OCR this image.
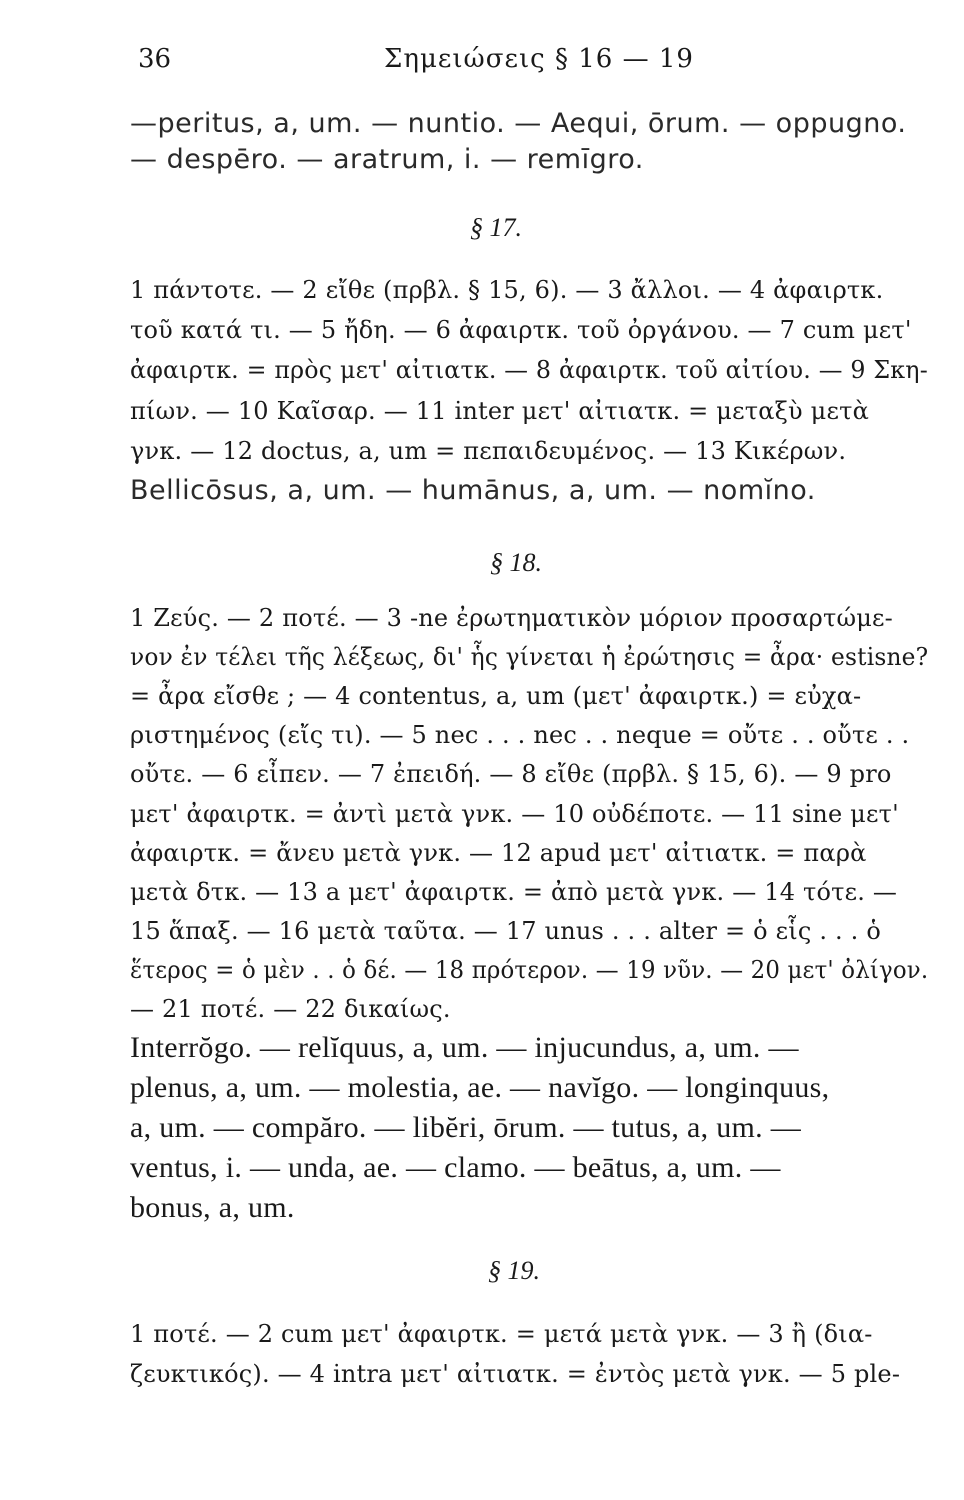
36	Σημειώσεις § 16 — 19
—peritus, a, um. — nuntio. — Aequi, ōrum. — oppugno.
— despēro. — aratrum, i. — remīgro.
§ 17.
1 πάντοτε. — 2 εἴθε (πρβλ. § 15, 6). — 3 ἄλλοι. — 4 ἀφαιρτκ.
τοῦ κατά τι. — 5 ἤδη. — 6 ἀφαιρτκ. τοῦ ὀργάνου. — 7 cum μετ'
ἀφαιρτκ. = πρὸς μετ' αἰτιατκ. — 8 ἀφαιρτκ. τοῦ αἰτίου. — 9 Σκη-
πίων. — 10 Καῖσαρ. — 11 inter μετ' αἰτιατκ. = μεταξὺ μετὰ
γνκ. — 12 doctus, a, um = πεπαιδευμένος. — 13 Κικέρων.
Bellicōsus, a, um. — humānus, a, um. — nomĭno.
§ 18.
1 Ζεύς. — 2 ποτέ. — 3 -ne ἐρωτηματικὸν μόριον προσαρτώμε-
νον ἐν τέλει τῆς λέξεως, δι' ἧς γίνεται ἡ ἐρώτησις = ἆρα· estisne?
= ἆρα εἴσθε ; — 4 contentus, a, um (μετ' ἀφαιρτκ.) = εὐχα-
ριστημένος (εἴς τι). — 5 nec . . . nec . . neque = οὔτε . . οὔτε . .
οὔτε. — 6 εἶπεν. — 7 ἐπειδή. — 8 εἴθε (πρβλ. § 15, 6). — 9 pro
μετ' ἀφαιρτκ. = ἀντὶ μετὰ γνκ. — 10 οὐδέποτε. — 11 sine μετ'
ἀφαιρτκ. = ἄνευ μετὰ γνκ. — 12 apud μετ' αἰτιατκ. = παρὰ
μετὰ δτκ. — 13 a μετ' ἀφαιρτκ. = ἀπὸ μετὰ γνκ. — 14 τότε. —
15 ἅπαξ. — 16 μετὰ ταῦτα. — 17 unus . . . alter = ὁ εἷς . . . ὁ
ἕτερος = ὁ μὲν . . ὁ δέ. — 18 πρότερον. — 19 νῦν. — 20 μετ' ὀλίγον.
— 21 ποτέ. — 22 δικαίως.
Interrŏgo. — relĭquus, a, um. — injucundus, a, um. —
plenus, a, um. — molestia, ae. — navĭgo. — longinquus,
a, um. — compăro. — libĕri, ōrum. — tutus, a, um. —
ventus, i. — unda, ae. — clamo. — beātus, a, um. —
bonus, a, um.
§ 19.
1 ποτέ. — 2 cum μετ' ἀφαιρτκ. = μετά μετὰ γνκ. — 3 ἢ (δια-
ζευκτικός). — 4 intra μετ' αἰτιατκ. = ἐντὸς μετὰ γνκ. — 5 ple-
